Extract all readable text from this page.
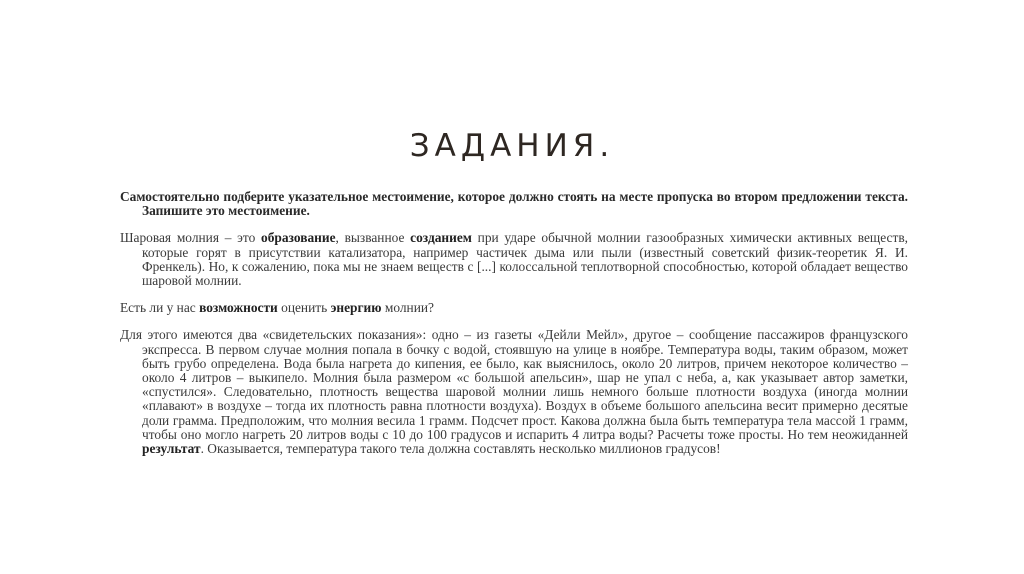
ЗАДАНИЯ.

Самостоятельно подберите указательное местоимение, которое должно стоять на месте пропуска во втором предложении текста. Запишите это местоимение.

Шаровая молния – это образование, вызванное созданием при ударе обычной молнии газообразных химически активных веществ, которые горят в присутствии катализатора, например частичек дыма или пыли (известный советский физик-теоретик Я. И. Френкель). Но, к сожалению, пока мы не знаем веществ с [...] колоссальной теплотворной способностью, которой обладает вещество шаровой молнии.

Есть ли у нас возможности оценить энергию молнии?

Для этого имеются два «свидетельских показания»: одно – из газеты «Дейли Мейл», другое – сообщение пассажиров французского экспресса. В первом случае молния попала в бочку с водой, стоявшую на улице в ноябре. Температура воды, таким образом, может быть грубо определена. Вода была нагрета до кипения, ее было, как выяснилось, около 20 литров, причем некоторое количество – около 4 литров – выкипело. Молния была размером «с большой апельсин», шар не упал с неба, а, как указывает автор заметки, «спустился». Следовательно, плотность вещества шаровой молнии лишь немного больше плотности воздуха (иногда молнии «плавают» в воздухе – тогда их плотность равна плотности воздуха). Воздух в объеме большого апельсина весит примерно десятые доли грамма. Предположим, что молния весила 1 грамм. Подсчет прост. Какова должна была быть температура тела массой 1 грамм, чтобы оно могло нагреть 20 литров воды с 10 до 100 градусов и испарить 4 литра воды? Расчеты тоже просты. Но тем неожиданней результат. Оказывается, температура такого тела должна составлять несколько миллионов градусов!
